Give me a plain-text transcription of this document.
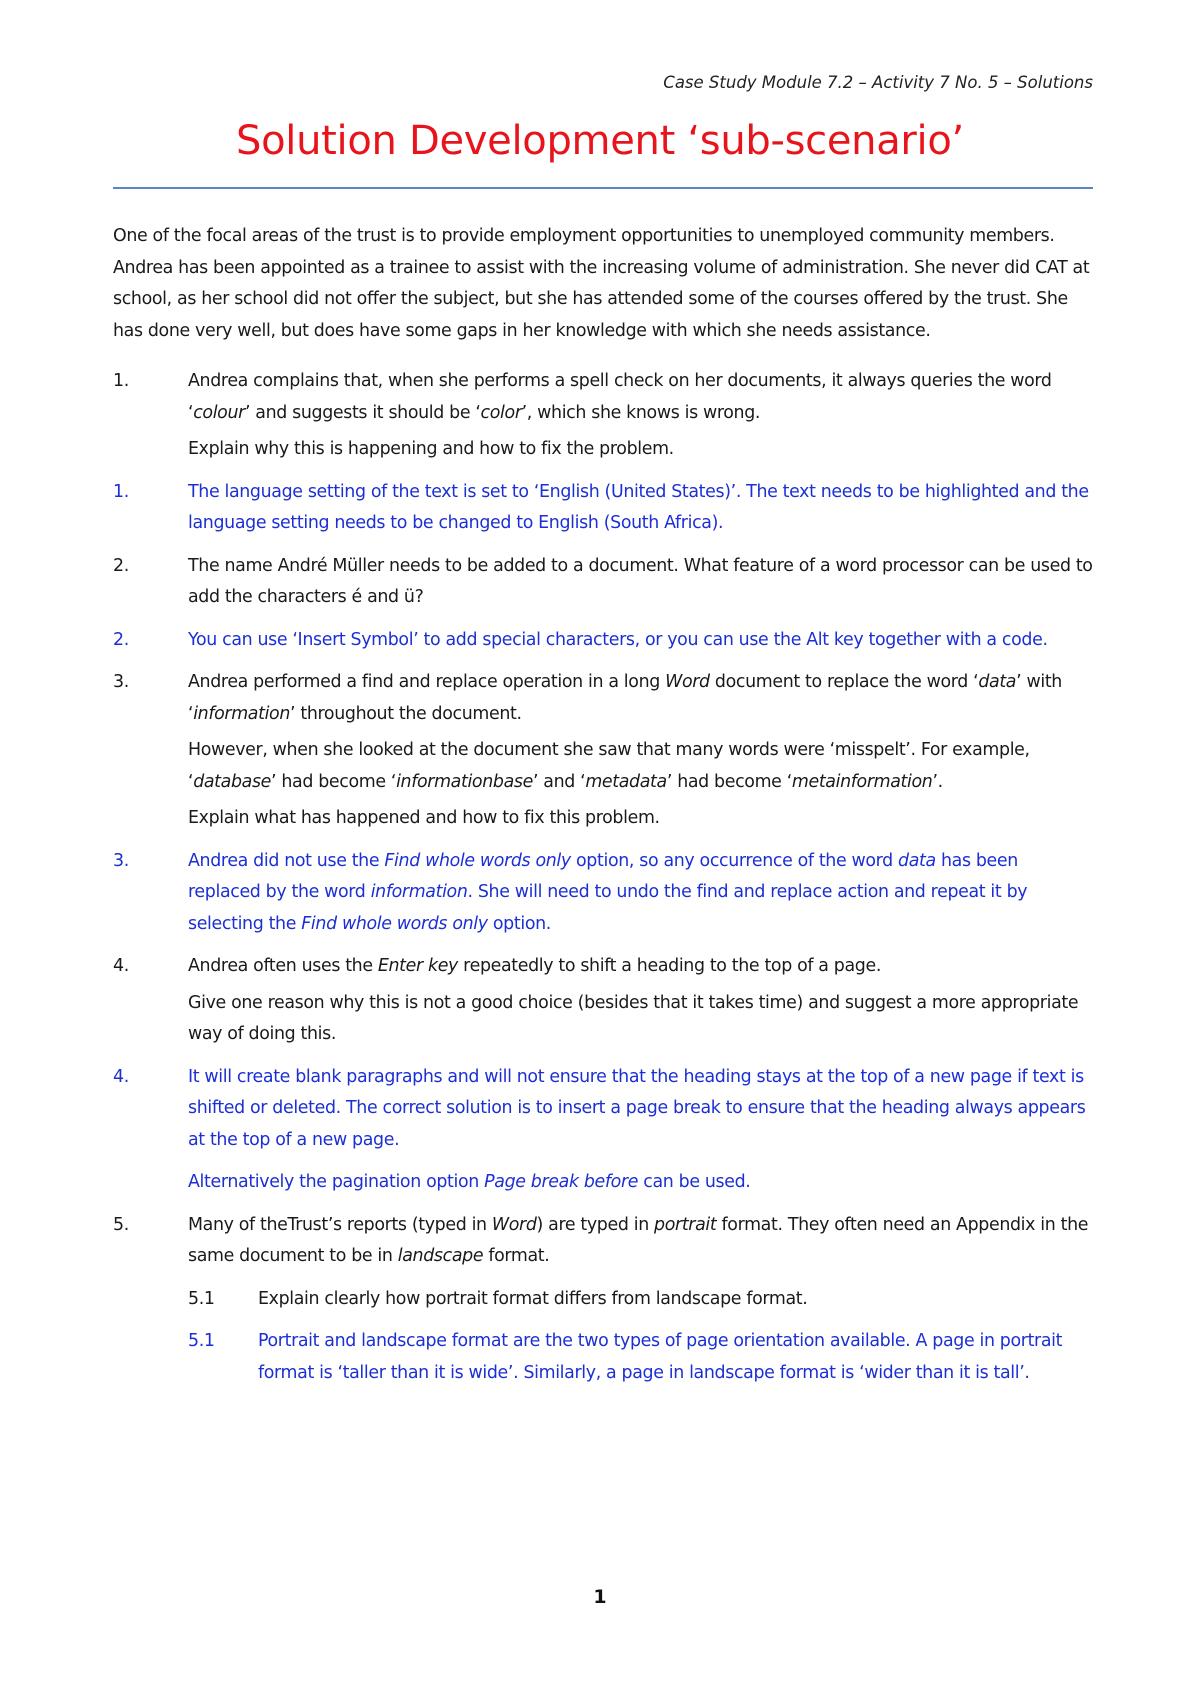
Case Study Module 7.2 – Activity 7 No. 5 – Solutions
Solution Development ‘sub-scenario’

One of the focal areas of the trust is to provide employment opportunities to unemployed community members. Andrea has been appointed as a trainee to assist with the increasing volume of administration. She never did CAT at school, as her school did not offer the subject, but she has attended some of the courses offered by the trust. She has done very well, but does have some gaps in her knowledge with which she needs assistance.

1.	Andrea complains that, when she performs a spell check on her documents, it always queries the word ‘colour’ and suggests it should be ‘color’, which she knows is wrong.

Explain why this is happening and how to fix the problem.

1.	The language setting of the text is set to ‘English (United States)’. The text needs to be highlighted and the language setting needs to be changed to English (South Africa).

2.	The name André Müller needs to be added to a document. What feature of a word processor can be used to add the characters é and ü?

2.	You can use ‘Insert Symbol’ to add special characters, or you can use the Alt key together with a code.

3.	Andrea performed a find and replace operation in a long Word document to replace the word ‘data’ with ‘information’ throughout the document.

However, when she looked at the document she saw that many words were ‘misspelt’. For example, ‘database’ had become ‘informationbase’ and ‘metadata’ had become ‘metainformation’.

Explain what has happened and how to fix this problem.

3.	Andrea did not use the Find whole words only option, so any occurrence of the word data has been replaced by the word information. She will need to undo the find and replace action and repeat it by selecting the Find whole words only option.

4.	Andrea often uses the Enter key repeatedly to shift a heading to the top of a page.

Give one reason why this is not a good choice (besides that it takes time) and suggest a more appropriate way of doing this.

4.	It will create blank paragraphs and will not ensure that the heading stays at the top of a new page if text is shifted or deleted. The correct solution is to insert a page break to ensure that the heading always appears at the top of a new page.

Alternatively the pagination option Page break before can be used.

5.	Many of theTrust’s reports (typed in Word) are typed in portrait format. They often need an Appendix in the same document to be in landscape format.

5.1	Explain clearly how portrait format differs from landscape format.
5.1	Portrait and landscape format are the two types of page orientation available. A page in portrait format is ‘taller than it is wide’. Similarly, a page in landscape format is ‘wider than it is tall’.
1
